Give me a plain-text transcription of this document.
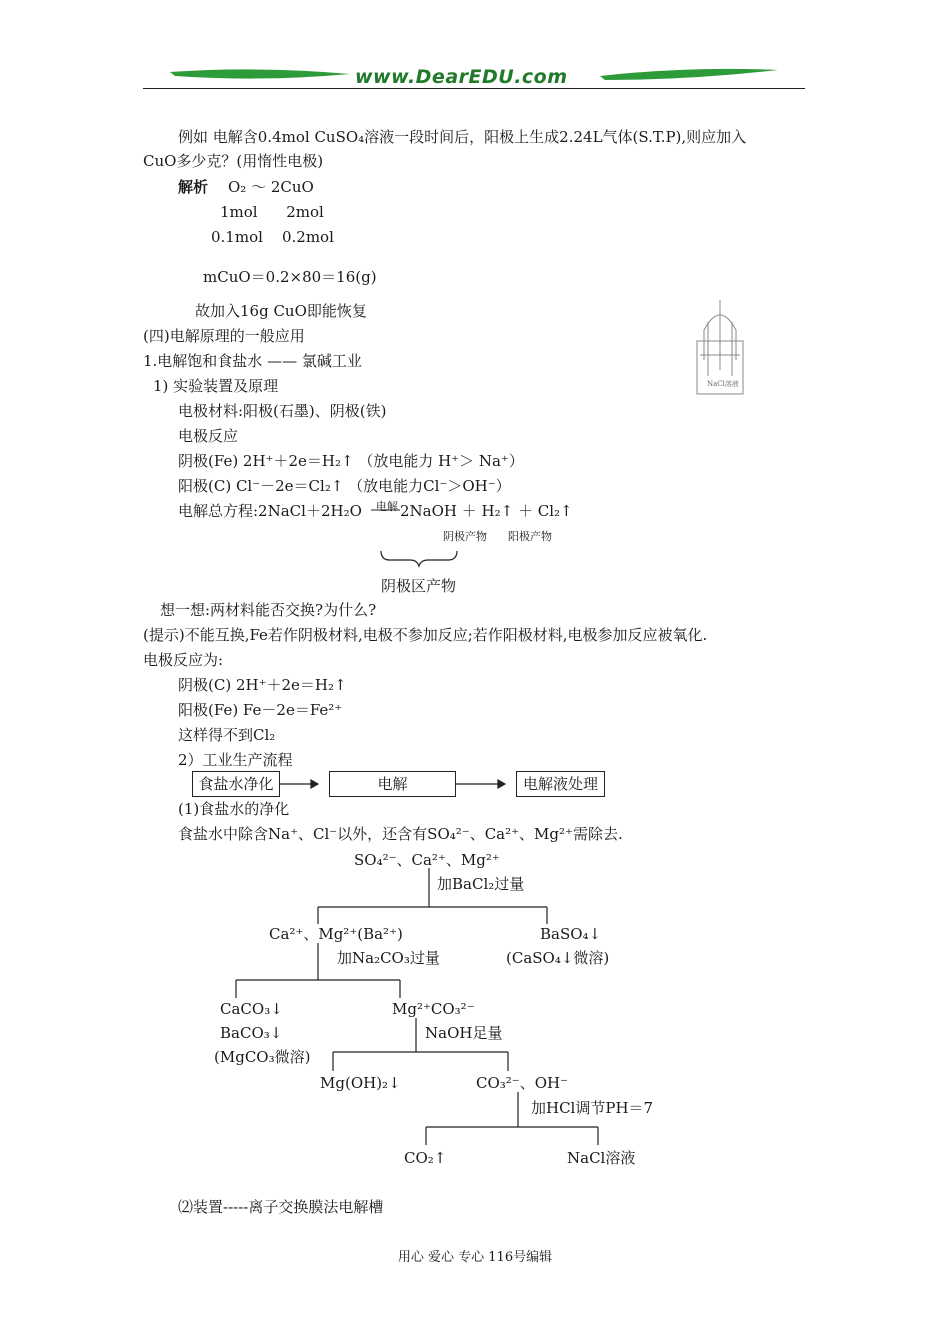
www.DearEDU.com
例如 电解含0.4mol CuSO₄溶液一段时间后，阳极上生成2.24L气体(S.T.P),则应加入
CuO多少克？(用惰性电极)
解析 O₂ ～ 2CuO
1mol      2mol
0.1mol    0.2mol
mCuO＝0.2×80＝16(g)
故加入16g CuO即能恢复
(四)电解原理的一般应用
1.电解饱和食盐水 —— 氯碱工业
1) 实验装置及原理
电极材料:阳极(石墨)、阴极(铁)
电极反应
阴极(Fe) 2H⁺＋2e＝H₂↑ （放电能力 H⁺＞ Na⁺）
阳极(C) Cl⁻－2e＝Cl₂↑ （放电能力Cl⁻＞OH⁻）
电解总方程:2NaCl＋2H₂O 电解 2NaOH ＋ H₂↑ ＋ Cl₂↑
阴极产物 阳极产物
阴极区产物
NaCl溶液
想一想:两材料能否交换?为什么?
(提示)不能互换,Fe若作阴极材料,电极不参加反应;若作阳极材料,电极参加反应被氧化.
电极反应为:
阴极(C) 2H⁺＋2e＝H₂↑
阳极(Fe) Fe－2e＝Fe²⁺
这样得不到Cl₂
2）工业生产流程
食盐水净化	电解	电解液处理
(1)食盐水的净化
食盐水中除含Na⁺、Cl⁻以外，还含有SO₄²⁻、Ca²⁺、Mg²⁺需除去.
SO₄²⁻、Ca²⁺、Mg²⁺
加BaCl₂过量
Ca²⁺、Mg²⁺(Ba²⁺)	BaSO₄↓
(CaSO₄↓微溶)
加Na₂CO₃过量
CaCO₃↓
BaCO₃↓
(MgCO₃微溶)
Mg²⁺CO₃²⁻
NaOH足量
Mg(OH)₂↓	CO₃²⁻、OH⁻
加HCl调节PH＝7
CO₂↑	NaCl溶液
⑵装置-----离子交换膜法电解槽
用心 爱心 专心 116号编辑
